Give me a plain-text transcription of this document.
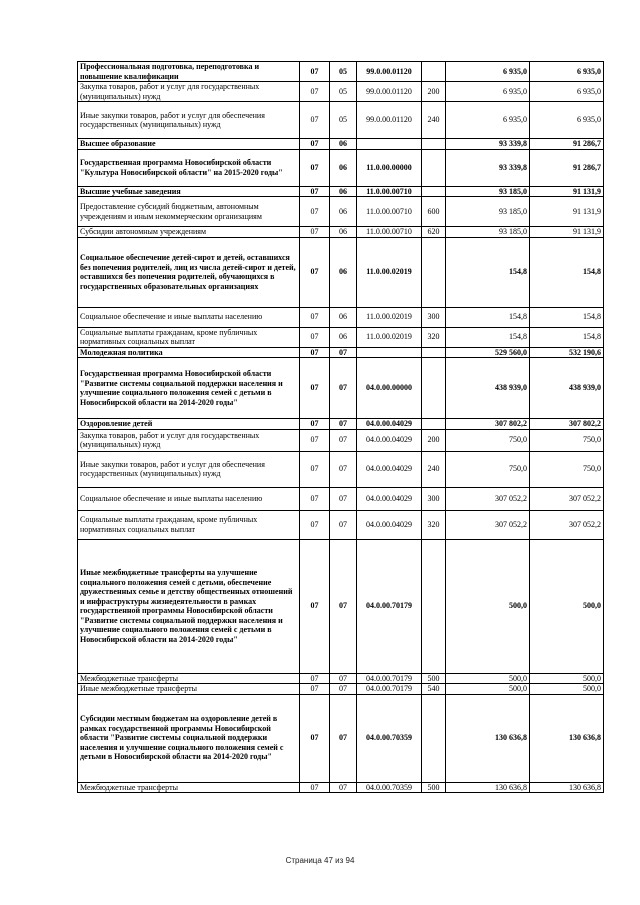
Профессиональная подготовка, переподготовка и повышение квалификации	07	05	99.0.00.01120		6 935,0	6 935,0
Закупка товаров, работ и услуг для государственных (муниципальных) нужд	07	05	99.0.00.01120	200	6 935,0	6 935,0
Иные закупки товаров, работ и услуг для обеспечения государственных (муниципальных) нужд	07	05	99.0.00.01120	240	6 935,0	6 935,0
Высшее образование	07	06			93 339,8	91 286,7
Государственная программа Новосибирской области "Культура Новосибирской области" на 2015-2020 годы"	07	06	11.0.00.00000		93 339,8	91 286,7
Высшие учебные заведения	07	06	11.0.00.00710		93 185,0	91 131,9
Предоставление субсидий бюджетным, автономным учреждениям и иным некоммерческим организациям	07	06	11.0.00.00710	600	93 185,0	91 131,9
Субсидии автономным учреждениям	07	06	11.0.00.00710	620	93 185,0	91 131,9
Социальное обеспечение детей-сирот и детей, оставшихся без попечения родителей, лиц из числа детей-сирот и детей, оставшихся без попечения родителей, обучающихся в государственных образовательных организациях	07	06	11.0.00.02019		154,8	154,8
Социальное обеспечение и иные выплаты населению	07	06	11.0.00.02019	300	154,8	154,8
Социальные выплаты гражданам, кроме публичных нормативных социальных выплат	07	06	11.0.00.02019	320	154,8	154,8
Молодежная политика	07	07			529 560,0	532 190,6
Государственная программа Новосибирской области "Развитие системы социальной поддержки населения и улучшение социального положения семей с детьми в Новосибирской области на 2014-2020 годы"	07	07	04.0.00.00000		438 939,0	438 939,0
Оздоровление детей	07	07	04.0.00.04029		307 802,2	307 802,2
Закупка товаров, работ и услуг для государственных (муниципальных) нужд	07	07	04.0.00.04029	200	750,0	750,0
Иные закупки товаров, работ и услуг для обеспечения государственных (муниципальных) нужд	07	07	04.0.00.04029	240	750,0	750,0
Социальное обеспечение и иные выплаты населению	07	07	04.0.00.04029	300	307 052,2	307 052,2
Социальные выплаты гражданам, кроме публичных нормативных социальных выплат	07	07	04.0.00.04029	320	307 052,2	307 052,2
Иные межбюджетные трансферты на улучшение социального положения семей с детьми, обеспечение дружественных семье и детству общественных отношений и инфраструктуры жизнедеятельности в рамках государственной программы Новосибирской области "Развитие системы социальной поддержки населения и улучшение социального положения семей с детьми в Новосибирской области на 2014-2020 годы"	07	07	04.0.00.70179		500,0	500,0
Межбюджетные трансферты	07	07	04.0.00.70179	500	500,0	500,0
Иные межбюджетные трансферты	07	07	04.0.00.70179	540	500,0	500,0
Субсидии местным бюджетам на оздоровление детей в рамках государственной программы Новосибирской области "Развитие системы социальной поддержки населения и улучшение социального положения семей с детьми в Новосибирской области на 2014-2020 годы"	07	07	04.0.00.70359		130 636,8	130 636,8
Межбюджетные трансферты	07	07	04.0.00.70359	500	130 636,8	130 636,8
Страница 47 из 94
